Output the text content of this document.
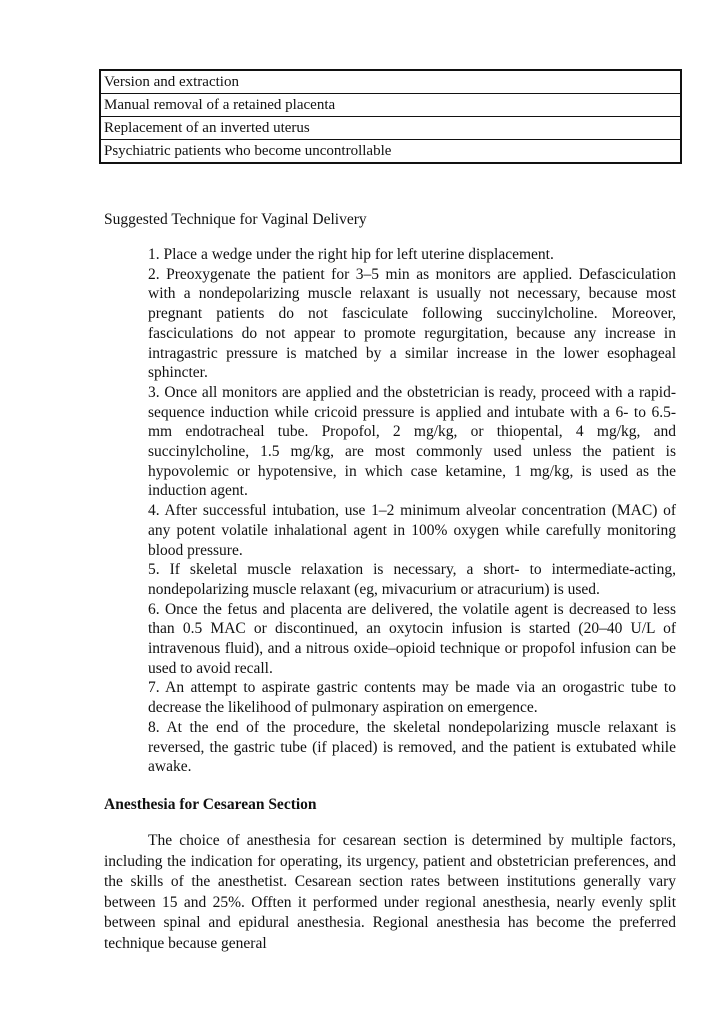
Version and extraction
Manual removal of a retained placenta
Replacement of an inverted uterus
Psychiatric patients who become uncontrollable
Suggested Technique for Vaginal Delivery
1. Place a wedge under the right hip for left uterine displacement.
2. Preoxygenate the patient for 3–5 min as monitors are applied. Defasciculation with a nondepolarizing muscle relaxant is usually not necessary, because most pregnant patients do not fasciculate following succinylcholine. Moreover, fasciculations do not appear to promote regurgitation, because any increase in intragastric pressure is matched by a similar increase in the lower esophageal sphincter.
3. Once all monitors are applied and the obstetrician is ready, proceed with a rapid-sequence induction while cricoid pressure is applied and intubate with a 6- to 6.5-mm endotracheal tube. Propofol, 2 mg/kg, or thiopental, 4 mg/kg, and succinylcholine, 1.5 mg/kg, are most commonly used unless the patient is hypovolemic or hypotensive, in which case ketamine, 1 mg/kg, is used as the induction agent.
4. After successful intubation, use 1–2 minimum alveolar concentration (MAC) of any potent volatile inhalational agent in 100% oxygen while carefully monitoring blood pressure.
5. If skeletal muscle relaxation is necessary, a short- to intermediate-acting, nondepolarizing muscle relaxant (eg, mivacurium or atracurium) is used.
6. Once the fetus and placenta are delivered, the volatile agent is decreased to less than 0.5 MAC or discontinued, an oxytocin infusion is started (20–40 U/L of intravenous fluid), and a nitrous oxide–opioid technique or propofol infusion can be used to avoid recall.
7. An attempt to aspirate gastric contents may be made via an orogastric tube to decrease the likelihood of pulmonary aspiration on emergence.
8. At the end of the procedure, the skeletal nondepolarizing muscle relaxant is reversed, the gastric tube (if placed) is removed, and the patient is extubated while awake.
Anesthesia for Cesarean Section

The choice of anesthesia for cesarean section is determined by multiple factors, including the indication for operating, its urgency, patient and obstetrician preferences, and the skills of the anesthetist. Cesarean section rates between institutions generally vary between 15 and 25%. Offten it performed under regional anesthesia, nearly evenly split between spinal and epidural anesthesia. Regional anesthesia has become the preferred technique because general
